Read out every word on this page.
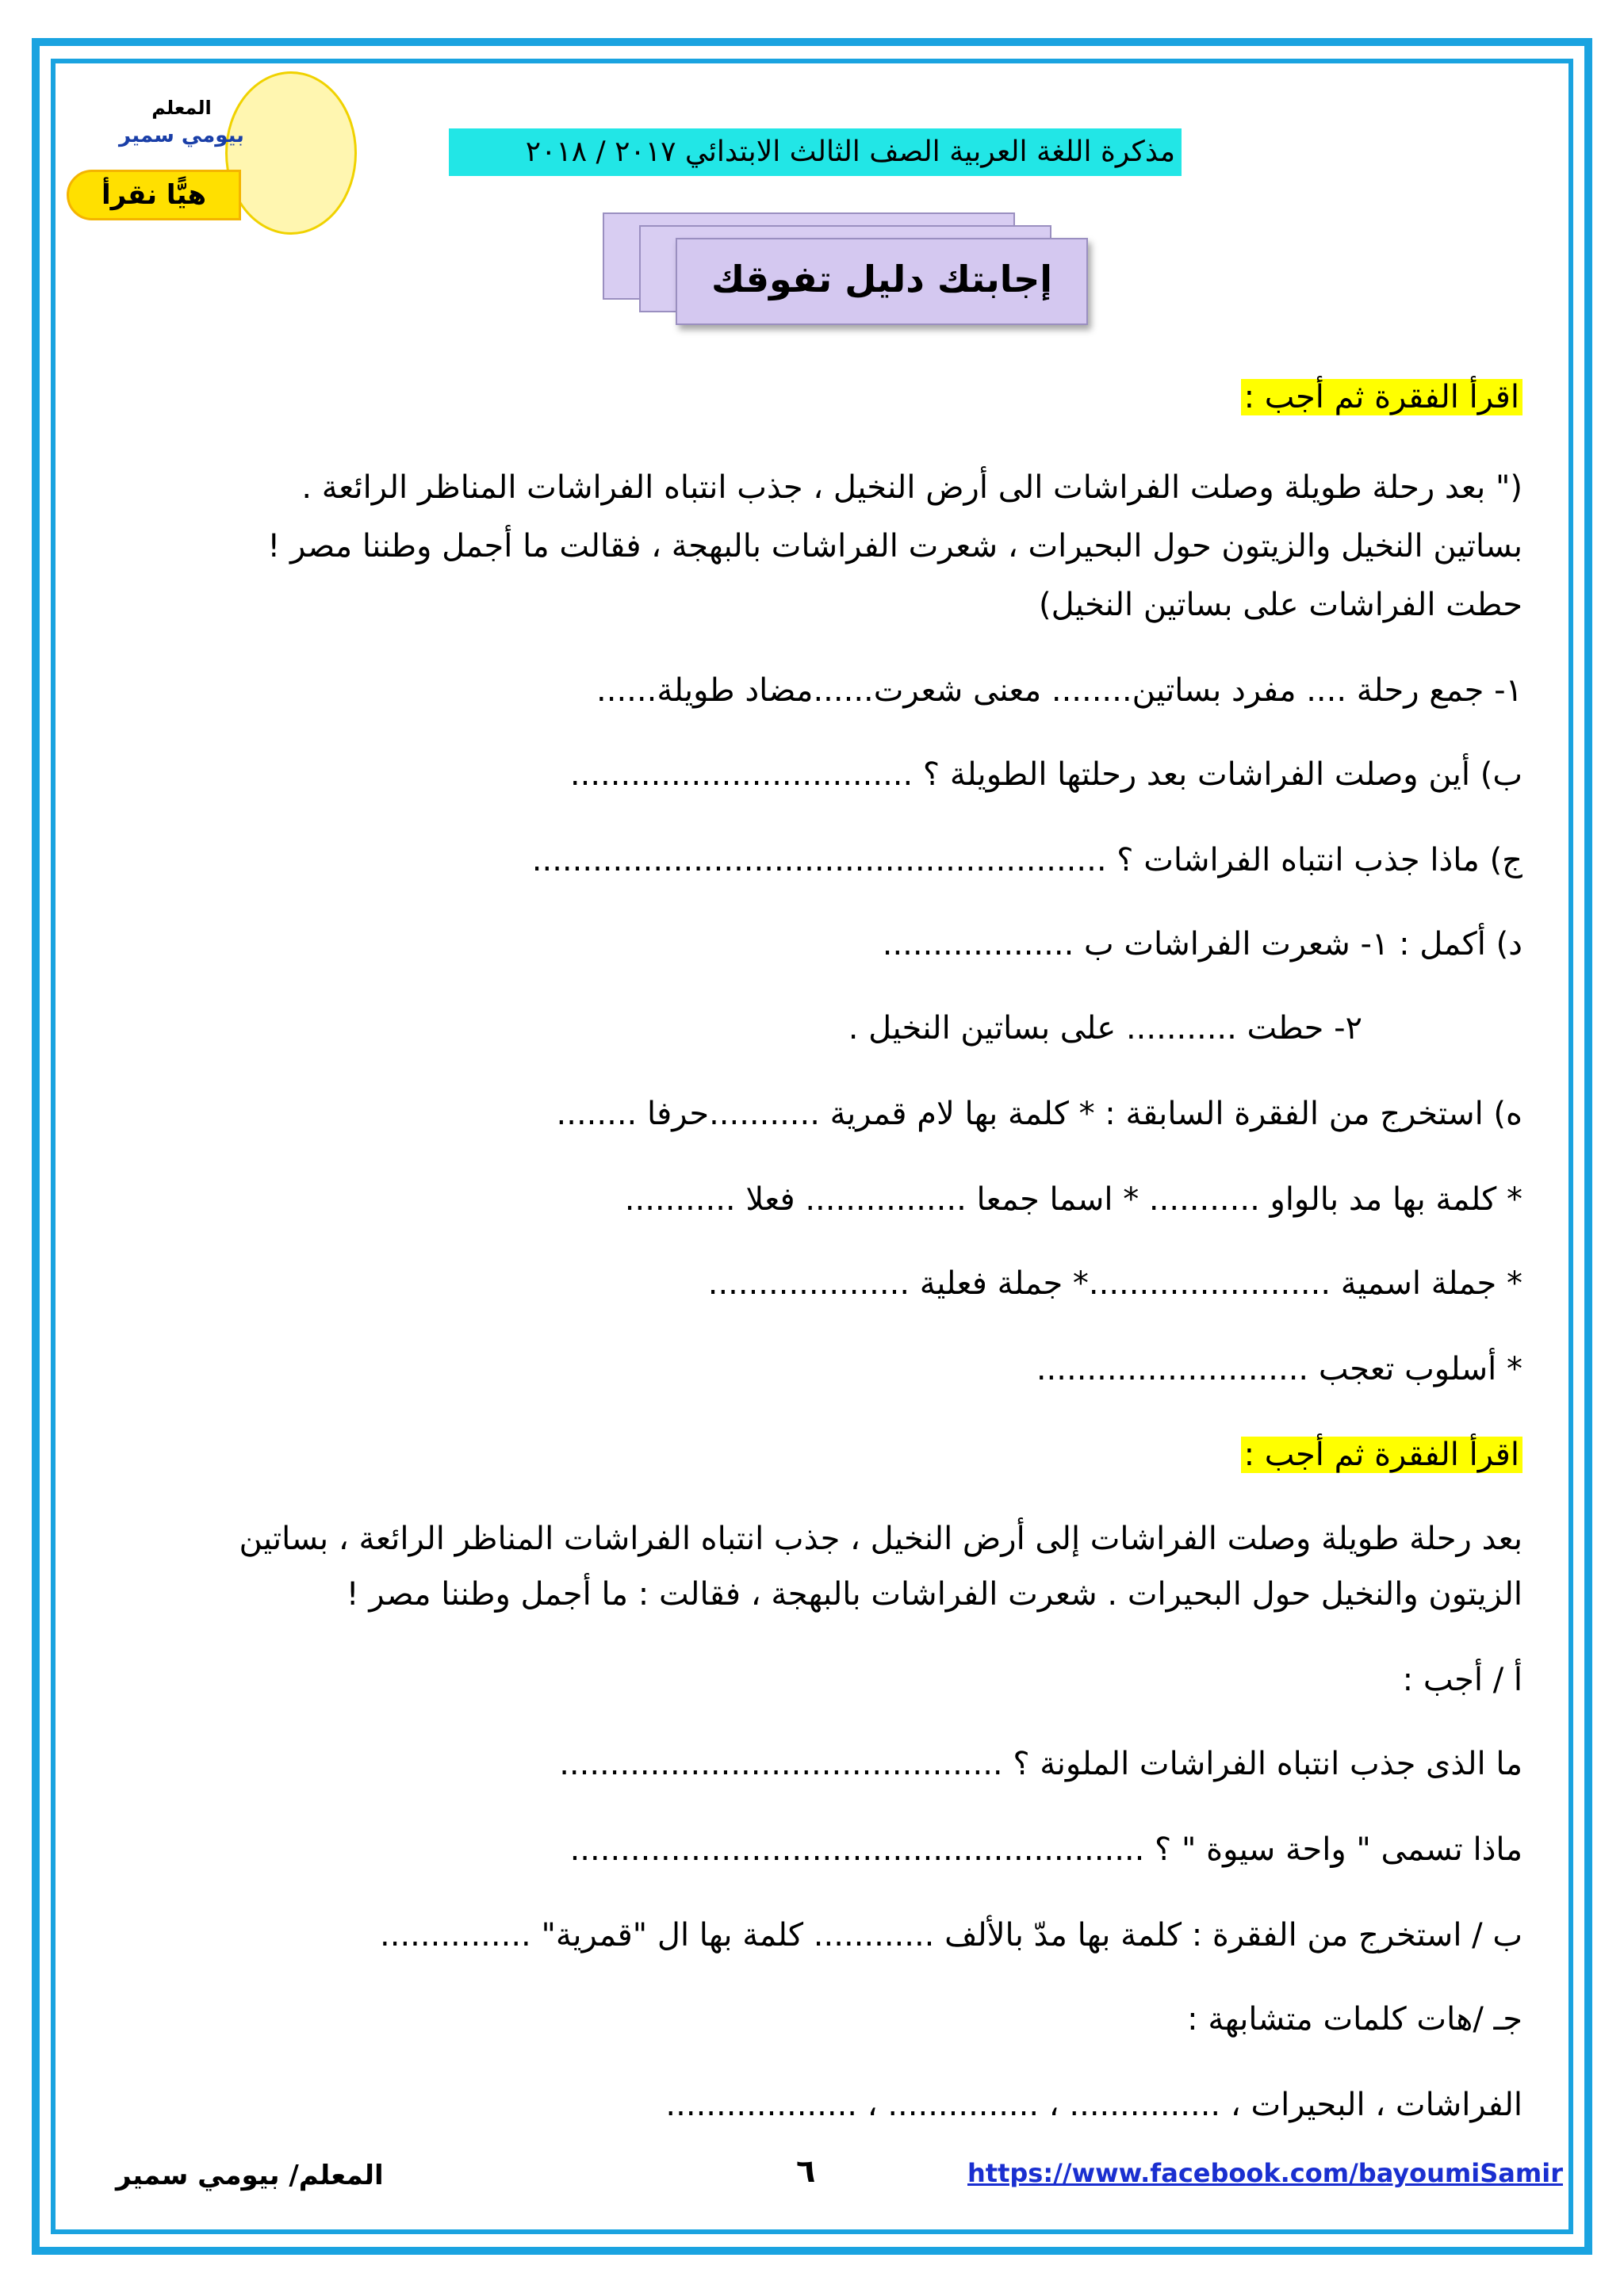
المعلم
بيومي سمير
هيًّا نقرأ
مذكرة اللغة العربية الصف الثالث الابتدائي ٢٠١٧ / ٢٠١٨
إجابتك دليل تفوقك
اقرأ الفقرة ثم أجب :
(" بعد رحلة طويلة وصلت الفراشات الى أرض النخيل ، جذب انتباه الفراشات المناظر الرائعة .
بساتين النخيل والزيتون حول البحيرات ، شعرت الفراشات بالبهجة ، فقالت ما أجمل وطننا مصر !
حطت الفراشات على بساتين النخيل)
١- جمع رحلة .... مفرد بساتين........ معنى شعرت......مضاد طويلة......
ب) أين وصلت الفراشات بعد رحلتها الطويلة ؟ ..................................
ج) ماذا جذب انتباه الفراشات ؟ .........................................................
د) أكمل : ١- شعرت الفراشات ب ...................
٢- حطت ........... على بساتين النخيل .
ه) استخرج من الفقرة السابقة : * كلمة بها لام قمرية ...........حرفا ........
* كلمة بها مد بالواو ........... * اسما جمعا ................ فعلا ...........
* جملة اسمية ........................* جملة فعلية ....................
* أسلوب تعجب ...........................
اقرأ الفقرة ثم أجب :
بعد رحلة طويلة وصلت الفراشات إلى أرض النخيل ، جذب انتباه الفراشات المناظر الرائعة ، بساتين
الزيتون والنخيل حول البحيرات . شعرت الفراشات بالبهجة ، فقالت : ما أجمل وطننا مصر !
أ / أجب :
ما الذى جذب انتباه الفراشات الملونة ؟ ............................................
ماذا تسمى " واحة سيوة " ؟ .........................................................
ب / استخرج من الفقرة : كلمة بها مدّ بالألف ............ كلمة بها ال "قمرية" ...............
جـ /هات كلمات متشابهة :
الفراشات ، البحيرات ، ............... ، ............... ، ...................
المعلم/ بيومي سمير	٦	https://www.facebook.com/bayoumiSamir
